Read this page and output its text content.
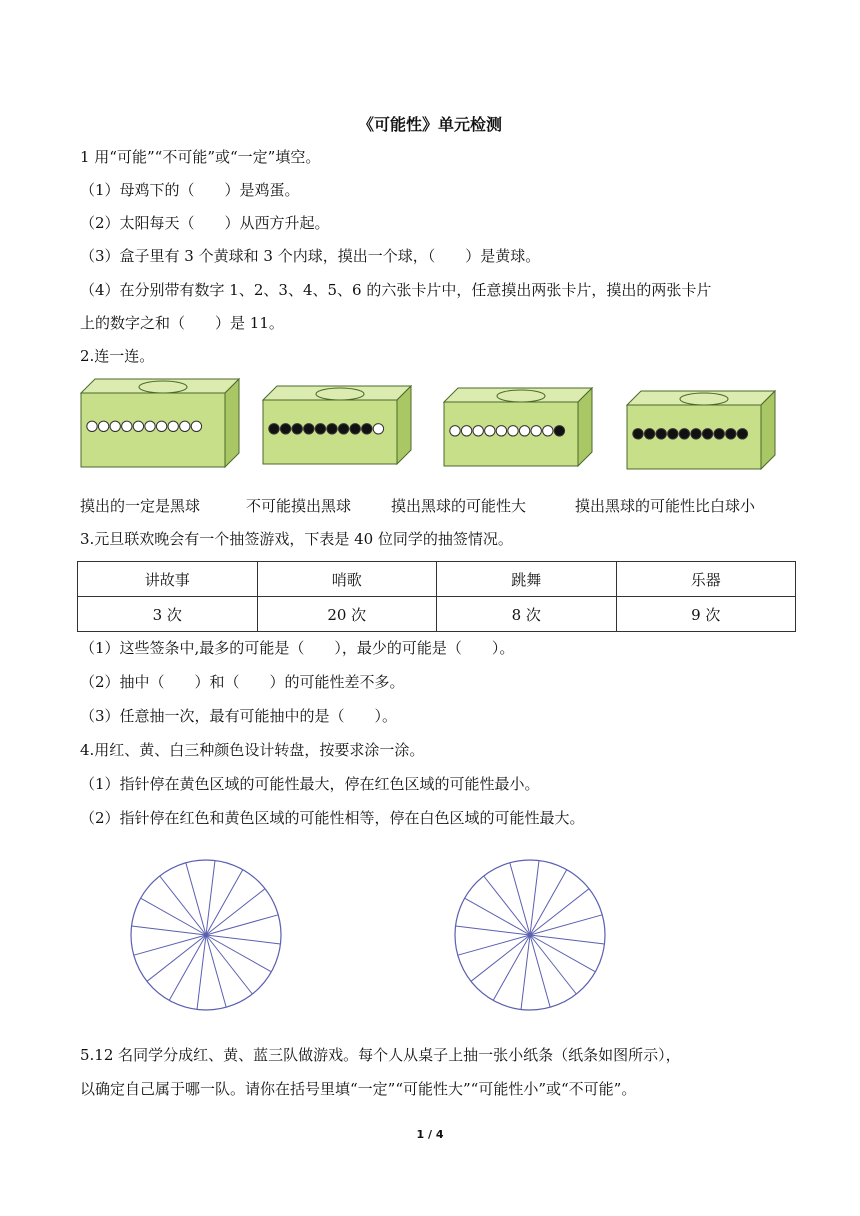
《可能性》单元检测
1 用“可能”“不可能”或“一定”填空。
（1）母鸡下的（　　）是鸡蛋。
（2）太阳每天（　　）从西方升起。
（3）盒子里有 3 个黄球和 3 个内球，摸出一个球，（　　）是黄球。
（4）在分别带有数字 1、2、3、4、5、6 的六张卡片中，任意摸出两张卡片，摸出的两张卡片
上的数字之和（　　）是 11。
2.连一连。
摸出的一定是黑球	不可能摸出黑球	摸出黑球的可能性大	摸出黑球的可能性比白球小
3.元旦联欢晚会有一个抽签游戏，下表是 40 位同学的抽签情况。
讲故事	哨歌	跳舞	乐器
3 次	20 次	8 次	9 次
（1）这些签条中,最多的可能是（　　），最少的可能是（　　）。
（2）抽中（　　）和（　　）的可能性差不多。
（3）任意抽一次，最有可能抽中的是（　　）。
4.用红、黄、白三种颜色设计转盘，按要求涂一涂。
（1）指针停在黄色区域的可能性最大，停在红色区域的可能性最小。
（2）指针停在红色和黄色区域的可能性相等，停在白色区域的可能性最大。
5.12 名同学分成红、黄、蓝三队做游戏。每个人从桌子上抽一张小纸条（纸条如图所示），
以确定自己属于哪一队。请你在括号里填“一定”“可能性大”“可能性小”或“不可能”。
1 / 4
